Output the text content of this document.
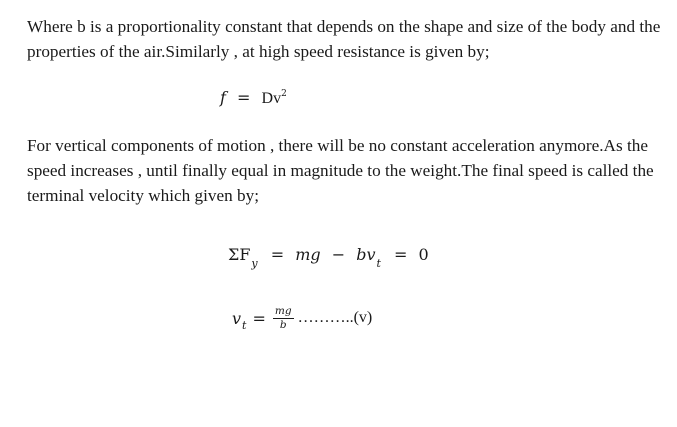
Where b is a proportionality constant that depends on the shape and size of the body and the properties of the air.Similarly , at high speed resistance is given by;

$f = Dv^2$

For vertical components of motion , there will be no constant acceleration anymore.As the speed increases , until finally equal in magnitude to the weight.The final speed is called the terminal velocity which given by;

$\Sigma F_y$ = mg − $bv_t = 0$
v $t = \frac{mg}{b}$ ………..(v)
